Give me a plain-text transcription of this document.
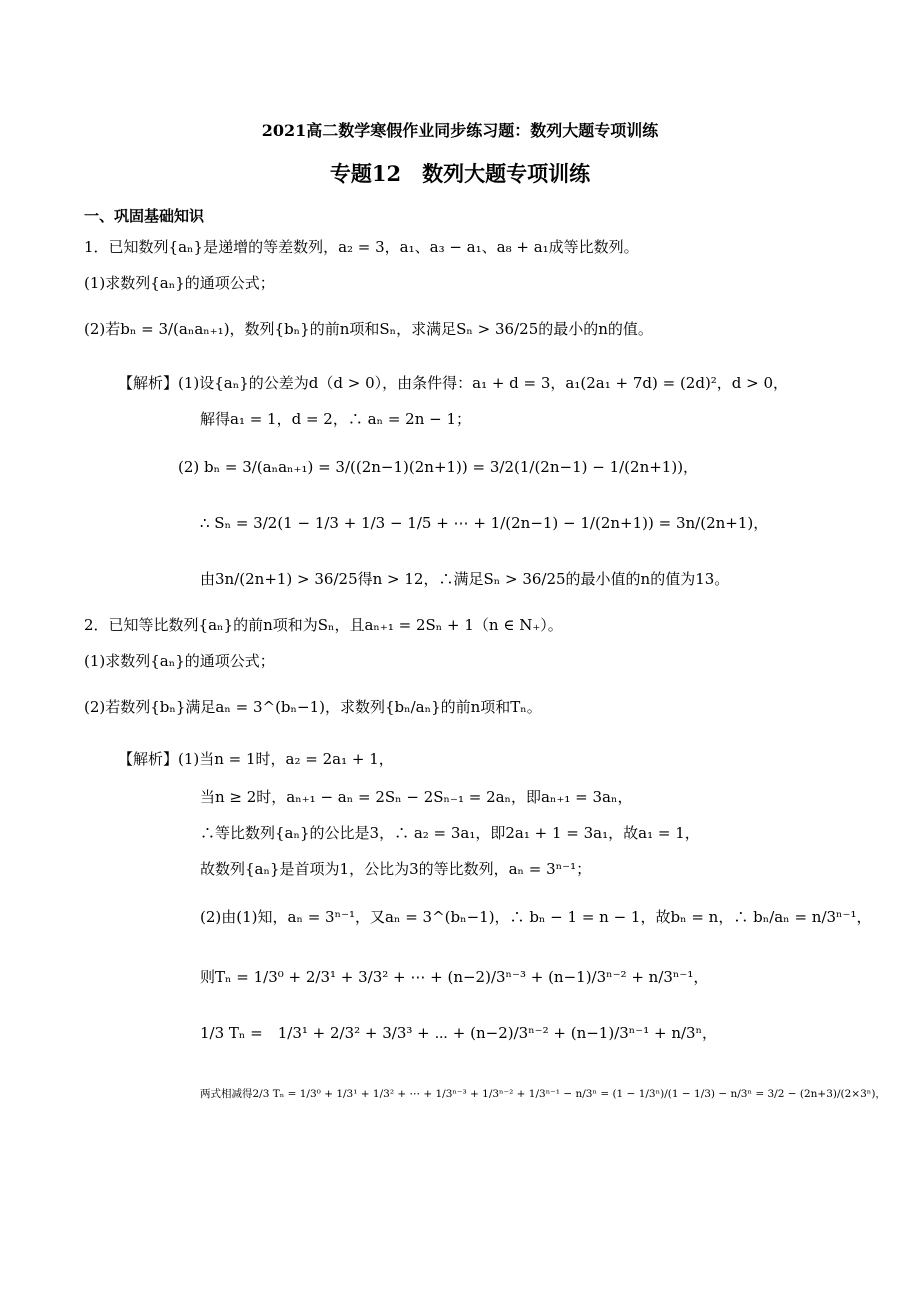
2021高二数学寒假作业同步练习题：数列大题专项训练
专题12　数列大题专项训练
一、巩固基础知识
1．已知数列{aₙ}是递增的等差数列，a₂ = 3，a₁、a₃ − a₁、a₈ + a₁成等比数列。
(1)求数列{aₙ}的通项公式；
(2)若bₙ = 3/(aₙaₙ₊₁)，数列{bₙ}的前n项和Sₙ，求满足Sₙ > 36/25的最小的n的值。
【解析】(1)设{aₙ}的公差为d（d > 0），由条件得：a₁ + d = 3，a₁(2a₁ + 7d) = (2d)²，d > 0，
解得a₁ = 1，d = 2，∴ aₙ = 2n − 1；
(2) bₙ = 3/(aₙaₙ₊₁) = 3/((2n−1)(2n+1)) = 3/2(1/(2n−1) − 1/(2n+1))，
∴ Sₙ = 3/2(1 − 1/3 + 1/3 − 1/5 + ⋯ + 1/(2n−1) − 1/(2n+1)) = 3n/(2n+1)，
由3n/(2n+1) > 36/25得n > 12，∴满足Sₙ > 36/25的最小值的n的值为13。
2．已知等比数列{aₙ}的前n项和为Sₙ，且aₙ₊₁ = 2Sₙ + 1（n ∈ N₊）。
(1)求数列{aₙ}的通项公式；
(2)若数列{bₙ}满足aₙ = 3^(bₙ−1)，求数列{bₙ/aₙ}的前n项和Tₙ。
【解析】(1)当n = 1时，a₂ = 2a₁ + 1，
当n ≥ 2时，aₙ₊₁ − aₙ = 2Sₙ − 2Sₙ₋₁ = 2aₙ，即aₙ₊₁ = 3aₙ，
∴等比数列{aₙ}的公比是3，∴ a₂ = 3a₁，即2a₁ + 1 = 3a₁，故a₁ = 1，
故数列{aₙ}是首项为1，公比为3的等比数列，aₙ = 3ⁿ⁻¹；
(2)由(1)知，aₙ = 3ⁿ⁻¹，又aₙ = 3^(bₙ−1)，∴ bₙ − 1 = n − 1，故bₙ = n，∴ bₙ/aₙ = n/3ⁿ⁻¹，
则Tₙ = 1/3⁰ + 2/3¹ + 3/3² + ⋯ + (n−2)/3ⁿ⁻³ + (n−1)/3ⁿ⁻² + n/3ⁿ⁻¹，
1/3 Tₙ =　1/3¹ + 2/3² + 3/3³ + ⋯ + (n−2)/3ⁿ⁻² + (n−1)/3ⁿ⁻¹ + n/3ⁿ，
两式相减得2/3 Tₙ = 1/3⁰ + 1/3¹ + 1/3² + ⋯ + 1/3ⁿ⁻³ + 1/3ⁿ⁻² + 1/3ⁿ⁻¹ − n/3ⁿ = (1 − 1/3ⁿ)/(1 − 1/3) − n/3ⁿ = 3/2 − (2n+3)/(2×3ⁿ)，
